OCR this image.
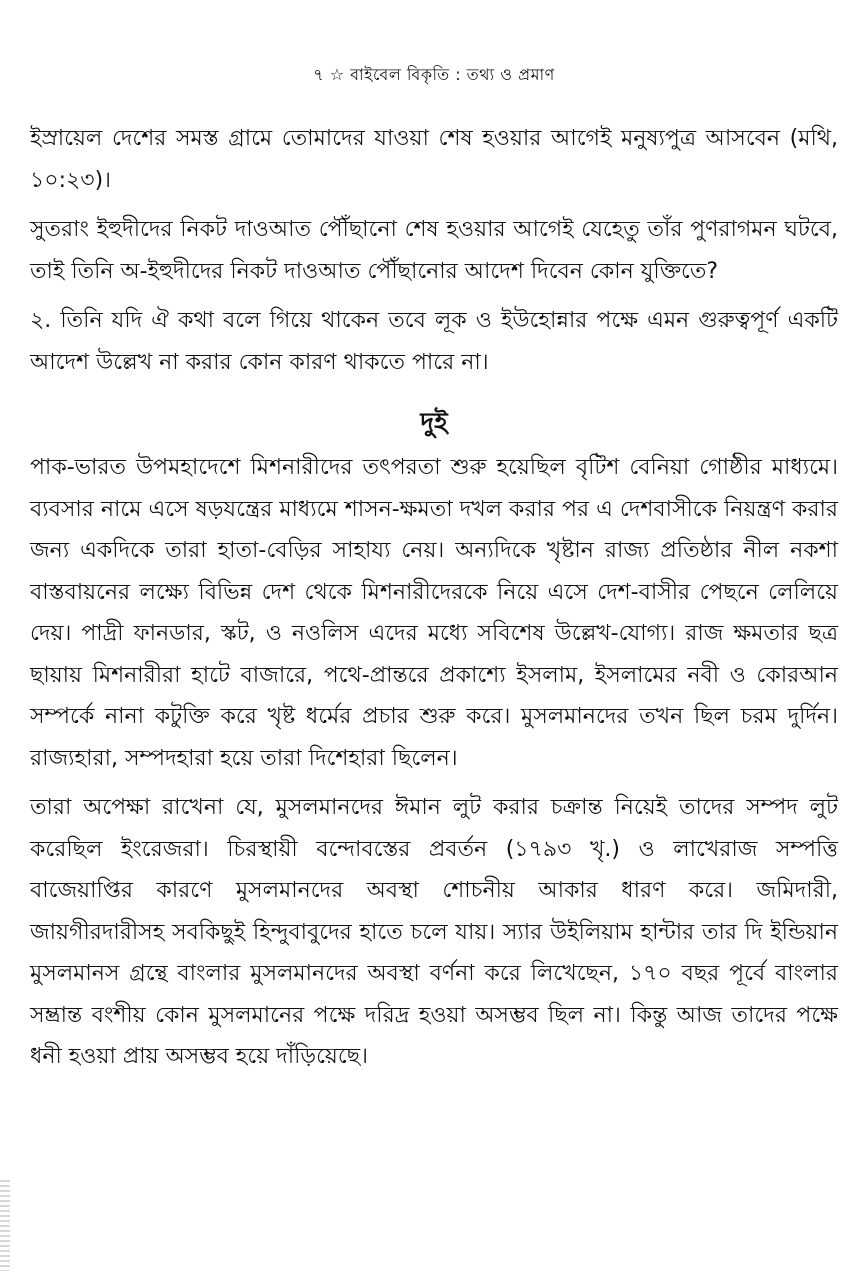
৭ ☆ বাইবেল বিকৃতি : তথ্য ও প্রমাণ

ইস্রায়েল দেশের সমস্ত গ্রামে তোমাদের যাওয়া শেষ হওয়ার আগেই মনুষ্যপুত্র আসবেন (মথি, ১০:২৩)।

সুতরাং ইহুদীদের নিকট দাওআত পৌঁছানো শেষ হওয়ার আগেই যেহেতু তাঁর পুণরাগমন ঘটবে, তাই তিনি অ-ইহুদীদের নিকট দাওআত পৌঁছানোর আদেশ দিবেন কোন যুক্তিতে?

২. তিনি যদি ঐ কথা বলে গিয়ে থাকেন তবে লূক ও ইউহোন্নার পক্ষে এমন গুরুত্বপূর্ণ একটি আদেশ উল্লেখ না করার কোন কারণ থাকতে পারে না।

দুই

পাক-ভারত উপমহাদেশে মিশনারীদের তৎপরতা শুরু হয়েছিল বৃটিশ বেনিয়া গোষ্ঠীর মাধ্যমে। ব্যবসার নামে এসে ষড়যন্ত্রের মাধ্যমে শাসন-ক্ষমতা দখল করার পর এ দেশবাসীকে নিয়ন্ত্রণ করার জন্য একদিকে তারা হাতা-বেড়ির সাহায্য নেয়। অন্যদিকে খৃষ্টান রাজ্য প্রতিষ্ঠার নীল নকশা বাস্তবায়নের লক্ষ্যে বিভিন্ন দেশ থেকে মিশনারীদেরকে নিয়ে এসে দেশ-বাসীর পেছনে লেলিয়ে দেয়। পাদ্রী ফানডার, স্কট, ও নওলিস এদের মধ্যে সবিশেষ উল্লেখ-যোগ্য। রাজ ক্ষমতার ছত্র ছায়ায় মিশনারীরা হাটে বাজারে, পথে-প্রান্তরে প্রকাশ্যে ইসলাম, ইসলামের নবী ও কোরআন সম্পর্কে নানা কটুক্তি করে খৃষ্ট ধর্মের প্রচার শুরু করে। মুসলমানদের তখন ছিল চরম দুর্দিন। রাজ্যহারা, সম্পদহারা হয়ে তারা দিশেহারা ছিলেন।

তারা অপেক্ষা রাখেনা যে, মুসলমানদের ঈমান লুট করার চক্রান্ত নিয়েই তাদের সম্পদ লুট করেছিল ইংরেজরা। চিরস্থায়ী বন্দোবস্তের প্রবর্তন (১৭৯৩ খৃ.) ও লাখেরাজ সম্পত্তি বাজেয়াপ্তির কারণে মুসলমানদের অবস্থা শোচনীয় আকার ধারণ করে। জমিদারী, জায়গীরদারীসহ সবকিছুই হিন্দুবাবুদের হাতে চলে যায়। স্যার উইলিয়াম হান্টার তার দি ইন্ডিয়ান মুসলমানস গ্রন্থে বাংলার মুসলমানদের অবস্থা বর্ণনা করে লিখেছেন, ১৭০ বছর পূর্বে বাংলার সম্ভ্রান্ত বংশীয় কোন মুসলমানের পক্ষে দরিদ্র হওয়া অসম্ভব ছিল না। কিন্তু আজ তাদের পক্ষে ধনী হওয়া প্রায় অসম্ভব হয়ে দাঁড়িয়েছে।
